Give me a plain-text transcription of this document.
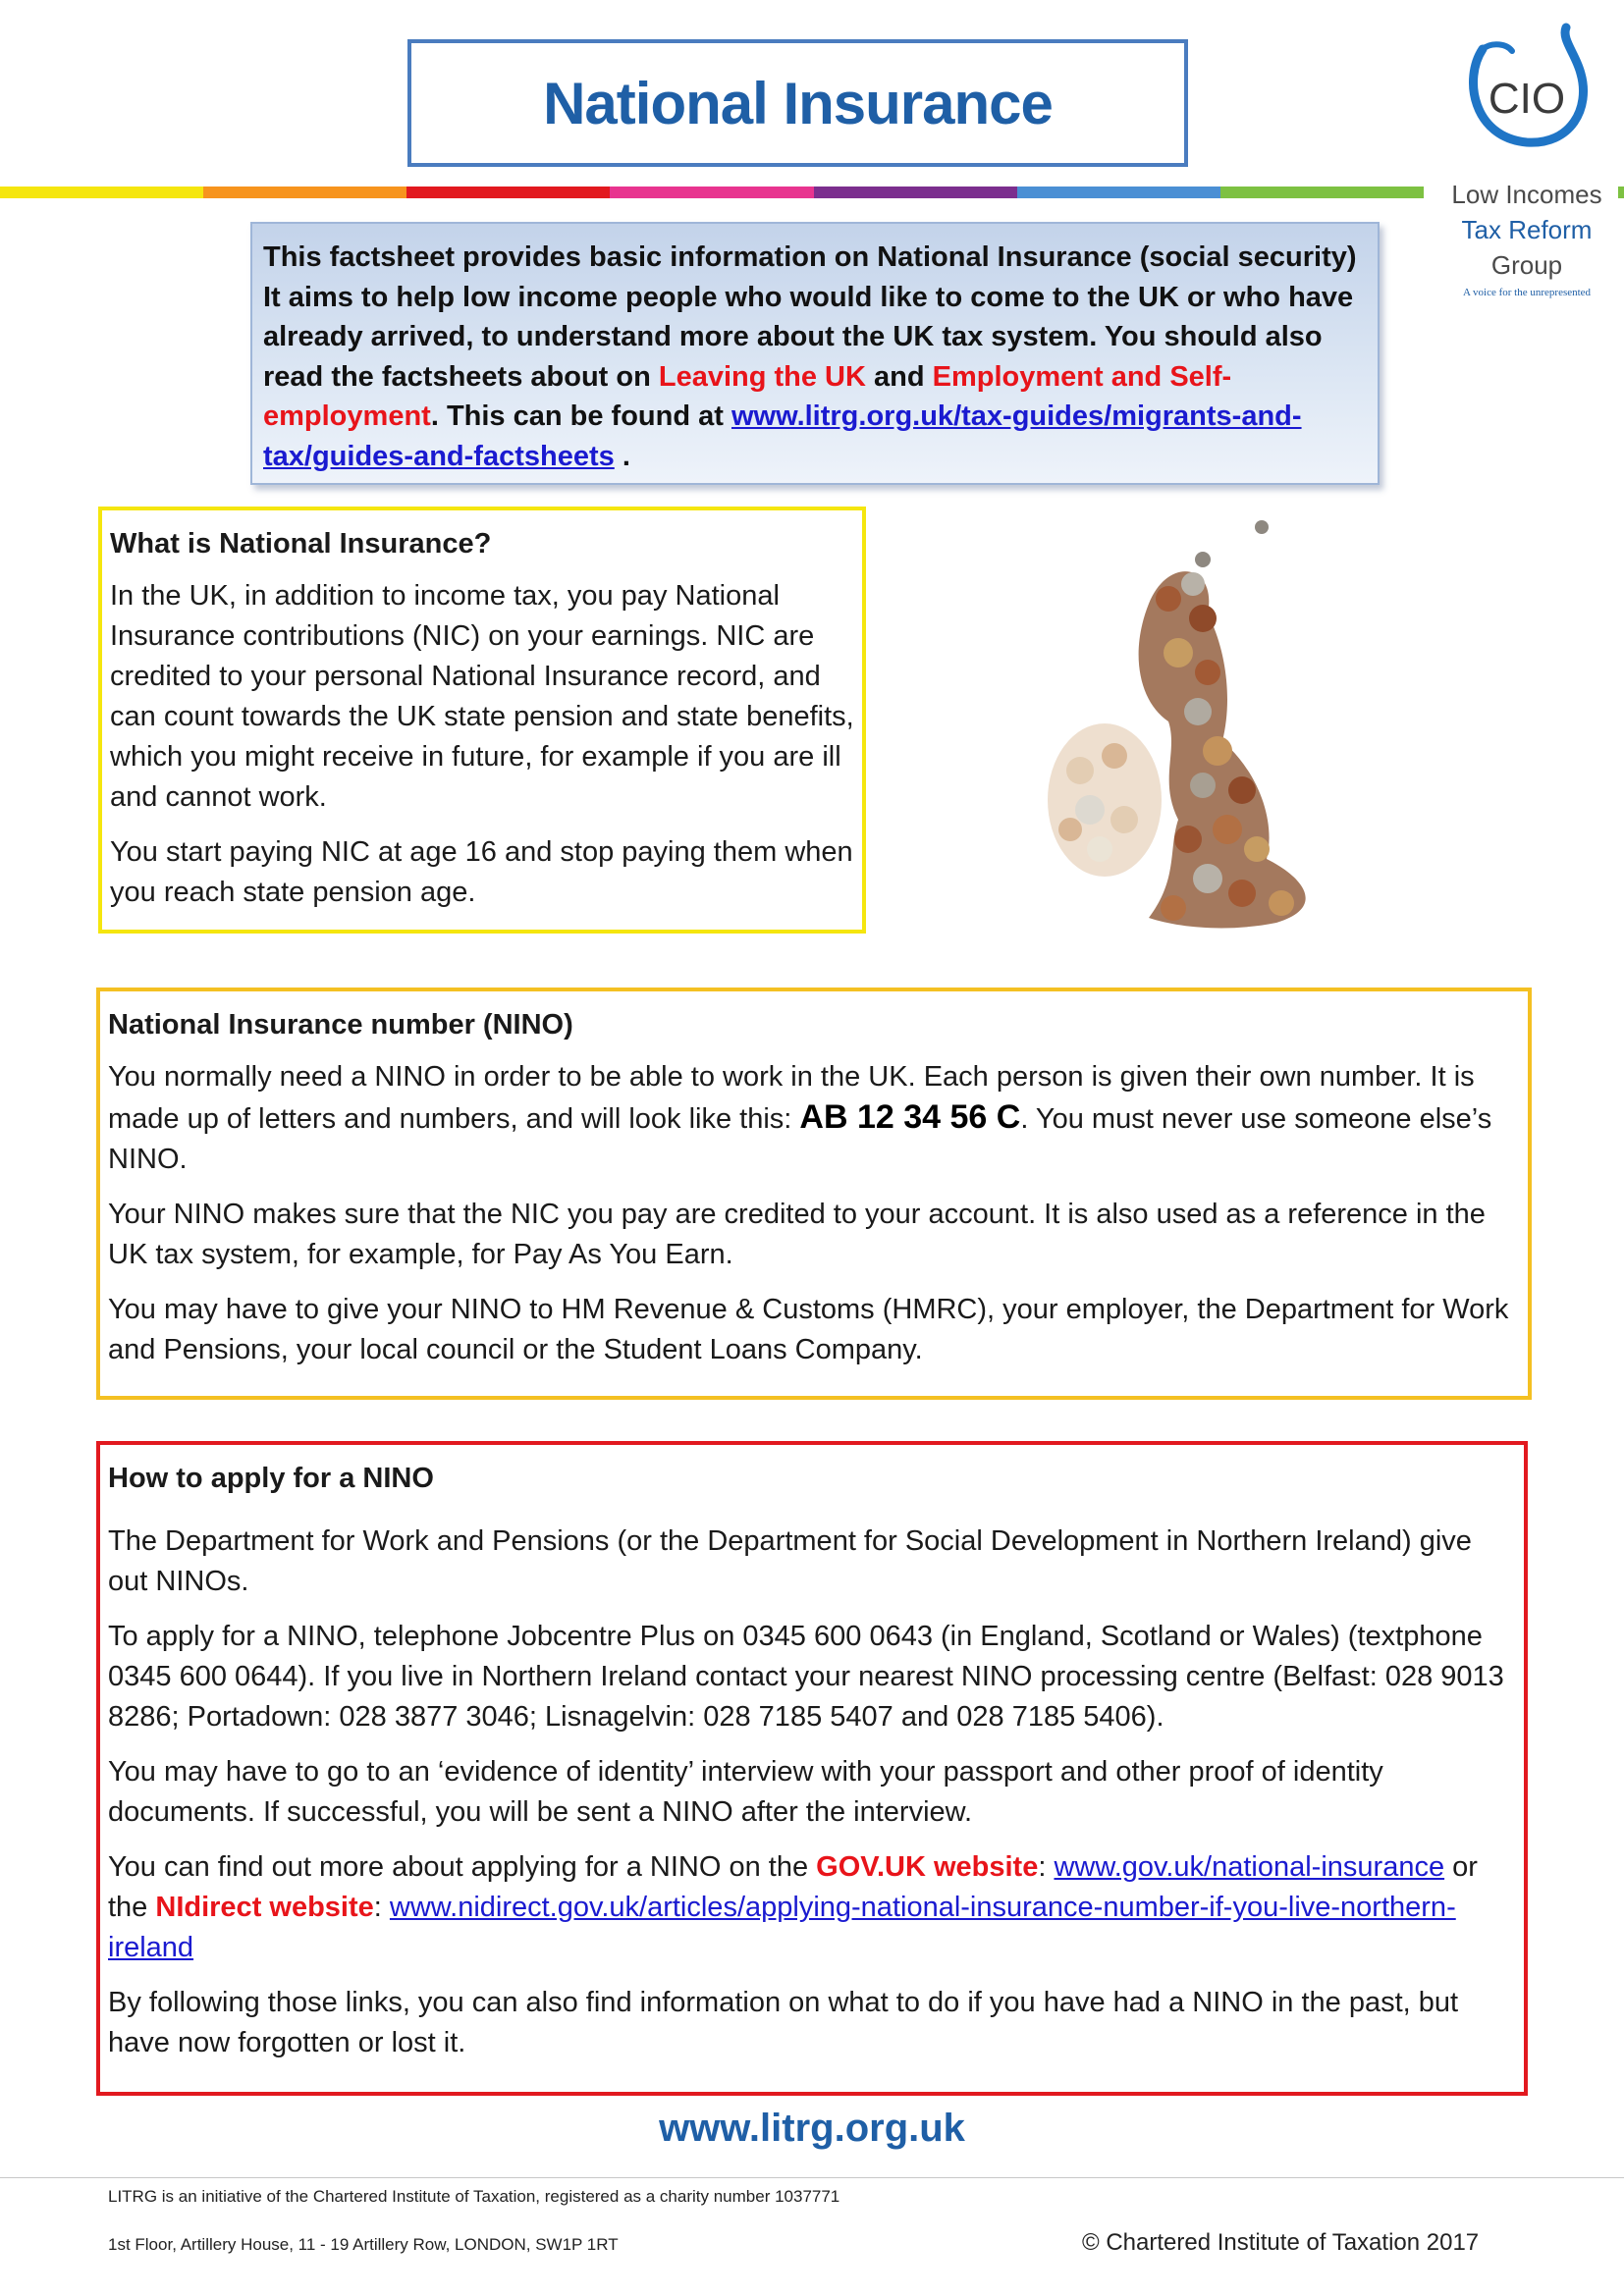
National Insurance	CIO
Low Incomes
Tax Reform
Group
A voice for the unrepresented
This factsheet provides basic information on National Insurance (social security) It aims to help low income people who would like to come to the UK or who have already arrived, to understand more about the UK tax system. You should also read the factsheets about on Leaving the UK and Employment and Self-employment. This can be found at www.litrg.org.uk/tax-guides/migrants-and-tax/guides-and-factsheets .
What is National Insurance?

In the UK, in addition to income tax, you pay National Insurance contributions (NIC) on your earnings. NIC are credited to your personal National Insurance record, and can count towards the UK state pension and state benefits, which you might receive in future, for example if you are ill and cannot work.

You start paying NIC at age 16 and stop paying them when you reach state pension age.

National Insurance number (NINO)

You normally need a NINO in order to be able to work in the UK. Each person is given their own number. It is made up of letters and numbers, and will look like this: AB 12 34 56 C. You must never use someone else’s NINO.

Your NINO makes sure that the NIC you pay are credited to your account. It is also used as a reference in the UK tax system, for example, for Pay As You Earn.

You may have to give your NINO to HM Revenue & Customs (HMRC), your employer, the Department for Work and Pensions, your local council or the Student Loans Company.

How to apply for a NINO

The Department for Work and Pensions (or the Department for Social Development in Northern Ireland) give out NINOs.

To apply for a NINO, telephone Jobcentre Plus on 0345 600 0643 (in England, Scotland or Wales) (textphone 0345 600 0644). If you live in Northern Ireland contact your nearest NINO processing centre (Belfast: 028 9013 8286; Portadown: 028 3877 3046; Lisnagelvin: 028 7185 5407 and 028 7185 5406).

You may have to go to an ‘evidence of identity’ interview with your passport and other proof of identity documents. If successful, you will be sent a NINO after the interview.

You can find out more about applying for a NINO on the GOV.UK website: www.gov.uk/national-insurance or the NIdirect website: www.nidirect.gov.uk/articles/applying-national-insurance-number-if-you-live-northern-ireland

By following those links, you can also find information on what to do if you have had a NINO in the past, but have now forgotten or lost it.

www.litrg.org.uk
LITRG is an initiative of the Chartered Institute of Taxation, registered as a charity number 1037771
1st Floor, Artillery House, 11 - 19 Artillery Row, LONDON, SW1P 1RT	© Chartered Institute of Taxation 2017
